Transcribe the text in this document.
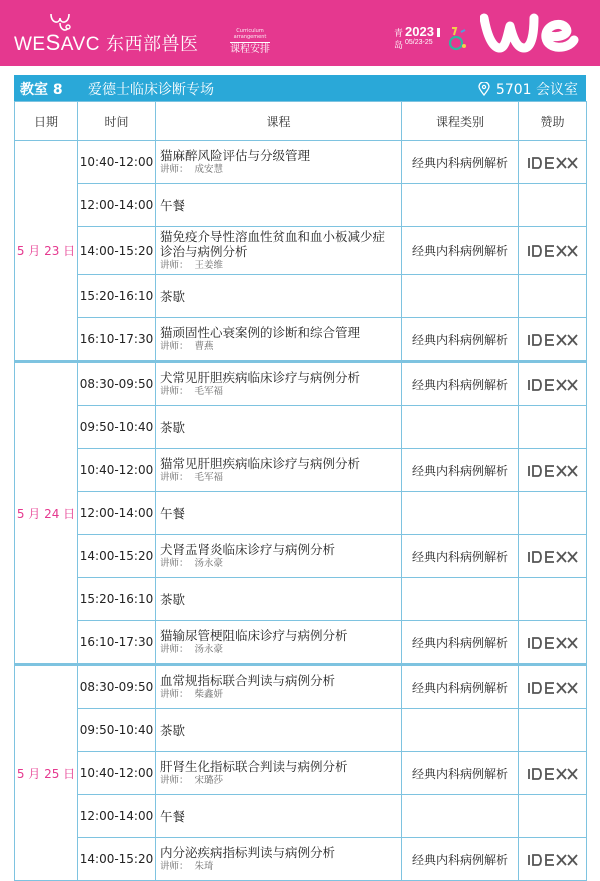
WESAVC 东西部兽医
Curriculum arrangement
课程安排
青
岛
2023
05/23-25
教室 8 爱德士临床诊断专场	5701 会议室
日期	时间	课程	课程类别	赞助
5 月 23 日	10:40-12:00	猫麻醉风险评估与分级管理
讲师： 成安慧	经典内科病例解析	
	12:00-14:00	午餐		
	14:00-15:20	猫免疫介导性溶血性贫血和血小板减少症诊治与病例分析
讲师： 王姜维	经典内科病例解析	
	15:20-16:10	茶歇		
	16:10-17:30	猫顽固性心衰案例的诊断和综合管理
讲师： 曹燕	经典内科病例解析	
5 月 24 日	08:30-09:50	犬常见肝胆疾病临床诊疗与病例分析
讲师： 毛军福	经典内科病例解析	
	09:50-10:40	茶歇		
	10:40-12:00	猫常见肝胆疾病临床诊疗与病例分析
讲师： 毛军福	经典内科病例解析	
	12:00-14:00	午餐		
	14:00-15:20	犬肾盂肾炎临床诊疗与病例分析
讲师： 汤永豪	经典内科病例解析	
	15:20-16:10	茶歇		
	16:10-17:30	猫输尿管梗阻临床诊疗与病例分析
讲师： 汤永豪	经典内科病例解析	
5 月 25 日	08:30-09:50	血常规指标联合判读与病例分析
讲师： 柴鑫妍	经典内科病例解析	
	09:50-10:40	茶歇		
	10:40-12:00	肝肾生化指标联合判读与病例分析
讲师： 宋璐莎	经典内科病例解析	
	12:00-14:00	午餐		
	14:00-15:20	内分泌疾病指标判读与病例分析
讲师： 朱琦	经典内科病例解析	
